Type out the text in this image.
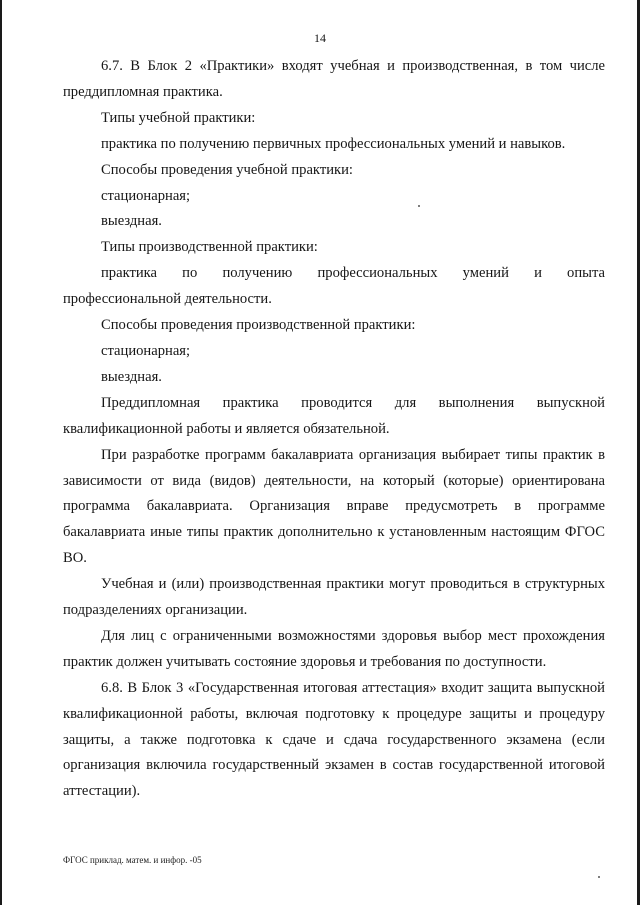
14

6.7. В Блок 2 «Практики» входят учебная и производственная, в том числе преддипломная практика.

Типы учебной практики:

практика по получению первичных профессиональных умений и навыков.

Способы проведения учебной практики:

стационарная;

выездная.

Типы производственной практики:

практика по получению профессиональных умений и опыта

профессиональной деятельности.

Способы проведения производственной практики:

стационарная;

выездная.

Преддипломная практика проводится для выполнения выпускной

квалификационной работы и является обязательной.

При разработке программ бакалавриата организация выбирает типы практик в зависимости от вида (видов) деятельности, на который (которые) ориентирована программа бакалавриата. Организация вправе предусмотреть в программе бакалавриата иные типы практик дополнительно к установленным настоящим ФГОС ВО.

Учебная и (или) производственная практики могут проводиться в структурных подразделениях организации.

Для лиц с ограниченными возможностями здоровья выбор мест прохождения практик должен учитывать состояние здоровья и требования по доступности.

6.8. В Блок 3 «Государственная итоговая аттестация» входит защита выпускной квалификационной работы, включая подготовку к процедуре защиты и процедуру защиты, а также подготовка к сдаче и сдача государственного экзамена (если организация включила государственный экзамен в состав государственной итоговой аттестации).

ФГОС приклад. матем. и инфор. -05
